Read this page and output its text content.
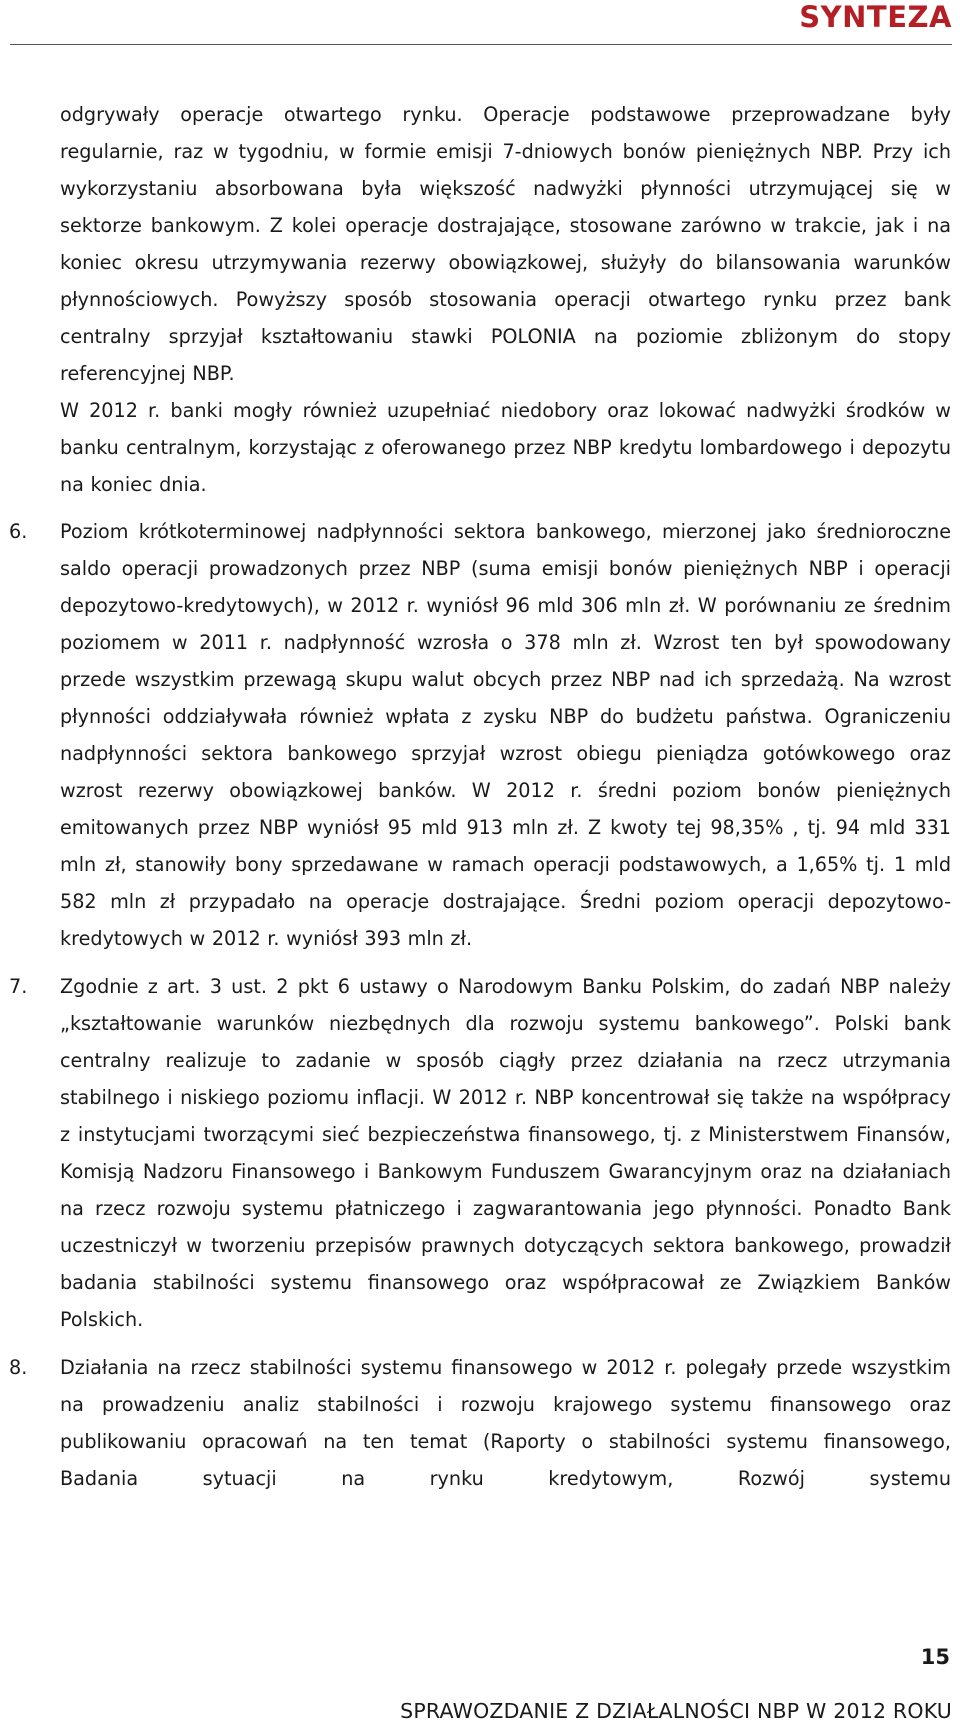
SYNTEZA

odgrywały operacje otwartego rynku. Operacje podstawowe przeprowadzane były regularnie, raz w tygodniu, w formie emisji 7-dniowych bonów pieniężnych NBP. Przy ich wykorzystaniu absorbowana była większość nadwyżki płynności utrzymującej się w sektorze bankowym. Z kolei operacje dostrajające, stosowane zarówno w trakcie, jak i na koniec okresu utrzymywania rezerwy obowiązkowej, służyły do bilansowania warunków płynnościowych. Powyższy sposób stosowania operacji otwartego rynku przez bank centralny sprzyjał kształtowaniu stawki POLONIA na poziomie zbliżonym do stopy referencyjnej NBP.

W 2012 r. banki mogły również uzupełniać niedobory oraz lokować nadwyżki środków w banku centralnym, korzystając z oferowanego przez NBP kredytu lombardowego i depozytu na koniec dnia.

6.	Poziom krótkoterminowej nadpłynności sektora bankowego, mierzonej jako średnioroczne saldo operacji prowadzonych przez NBP (suma emisji bonów pieniężnych NBP i operacji depozytowo-kredytowych), w 2012 r. wyniósł 96 mld 306 mln zł. W porównaniu ze średnim poziomem w 2011 r. nadpłynność wzrosła o 378 mln zł. Wzrost ten był spowodowany przede wszystkim przewagą skupu walut obcych przez NBP nad ich sprzedażą. Na wzrost płynności oddziaływała również wpłata z zysku NBP do budżetu państwa. Ograniczeniu nadpłynności sektora bankowego sprzyjał wzrost obiegu pieniądza gotówkowego oraz wzrost rezerwy obowiązkowej banków. W 2012 r. średni poziom bonów pieniężnych emitowanych przez NBP wyniósł 95 mld 913 mln zł. Z kwoty tej 98,35% , tj. 94 mld 331 mln zł, stanowiły bony sprzedawane w ramach operacji podstawowych, a 1,65% tj. 1 mld 582 mln zł przypadało na operacje dostrajające. Średni poziom operacji depozytowo-kredytowych w 2012 r. wyniósł 393 mln zł.

7.	Zgodnie z art. 3 ust. 2 pkt 6 ustawy o Narodowym Banku Polskim, do zadań NBP należy „kształtowanie warunków niezbędnych dla rozwoju systemu bankowego”. Polski bank centralny realizuje to zadanie w sposób ciągły przez działania na rzecz utrzymania stabilnego i niskiego poziomu inflacji. W 2012 r. NBP koncentrował się także na współpracy z instytucjami tworzącymi sieć bezpieczeństwa finansowego, tj. z Ministerstwem Finansów, Komisją Nadzoru Finansowego i Bankowym Funduszem Gwarancyjnym oraz na działaniach na rzecz rozwoju systemu płatniczego i zagwarantowania jego płynności. Ponadto Bank uczestniczył w tworzeniu przepisów prawnych dotyczących sektora bankowego, prowadził badania stabilności systemu finansowego oraz współpracował ze Związkiem Banków Polskich.

8.	Działania na rzecz stabilności systemu finansowego w 2012 r. polegały przede wszystkim na prowadzeniu analiz stabilności i rozwoju krajowego systemu finansowego oraz publikowaniu opracowań na ten temat (Raporty o stabilności systemu finansowego, Badania sytuacji na rynku kredytowym, Rozwój systemu

15
SPRAWOZDANIE Z DZIAŁALNOŚCI NBP W 2012 ROKU
